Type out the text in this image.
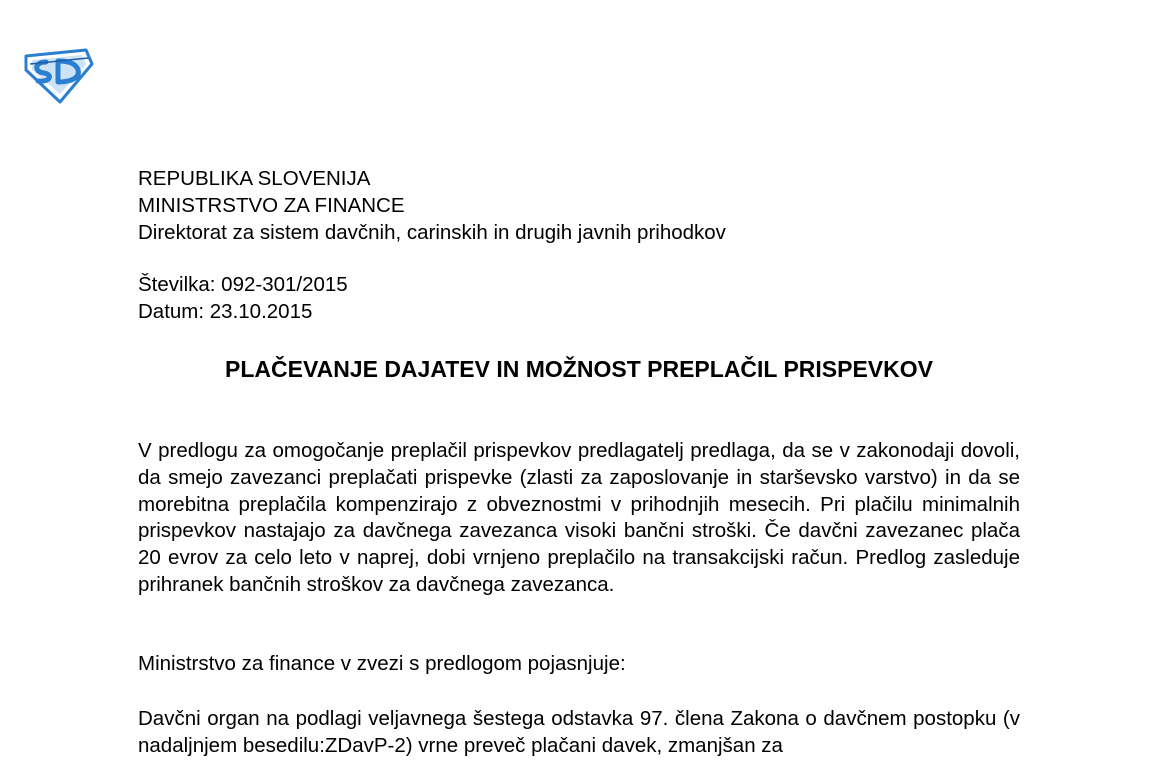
REPUBLIKA SLOVENIJA
MINISTRSTVO ZA FINANCE
Direktorat za sistem davčnih, carinskih in drugih javnih prihodkov
Številka: 092-301/2015
Datum: 23.10.2015
PLAČEVANJE DAJATEV IN MOŽNOST PREPLAČIL PRISPEVKOV
V predlogu za omogočanje preplačil prispevkov predlagatelj predlaga, da se v zakonodaji dovoli, da smejo zavezanci preplačati prispevke (zlasti za zaposlovanje in starševsko varstvo) in da se morebitna preplačila kompenzirajo z obveznostmi v prihodnjih mesecih. Pri plačilu minimalnih prispevkov nastajajo za davčnega zavezanca visoki bančni stroški. Če davčni zavezanec plača 20 evrov za celo leto v naprej, dobi vrnjeno preplačilo na transakcijski račun. Predlog zasleduje prihranek bančnih stroškov za davčnega zavezanca.
Ministrstvo za finance v zvezi s predlogom pojasnjuje:
Davčni organ na podlagi veljavnega šestega odstavka 97. člena Zakona o davčnem postopku (v nadaljnjem besedilu:ZDavP-2) vrne preveč plačani davek, zmanjšan za
